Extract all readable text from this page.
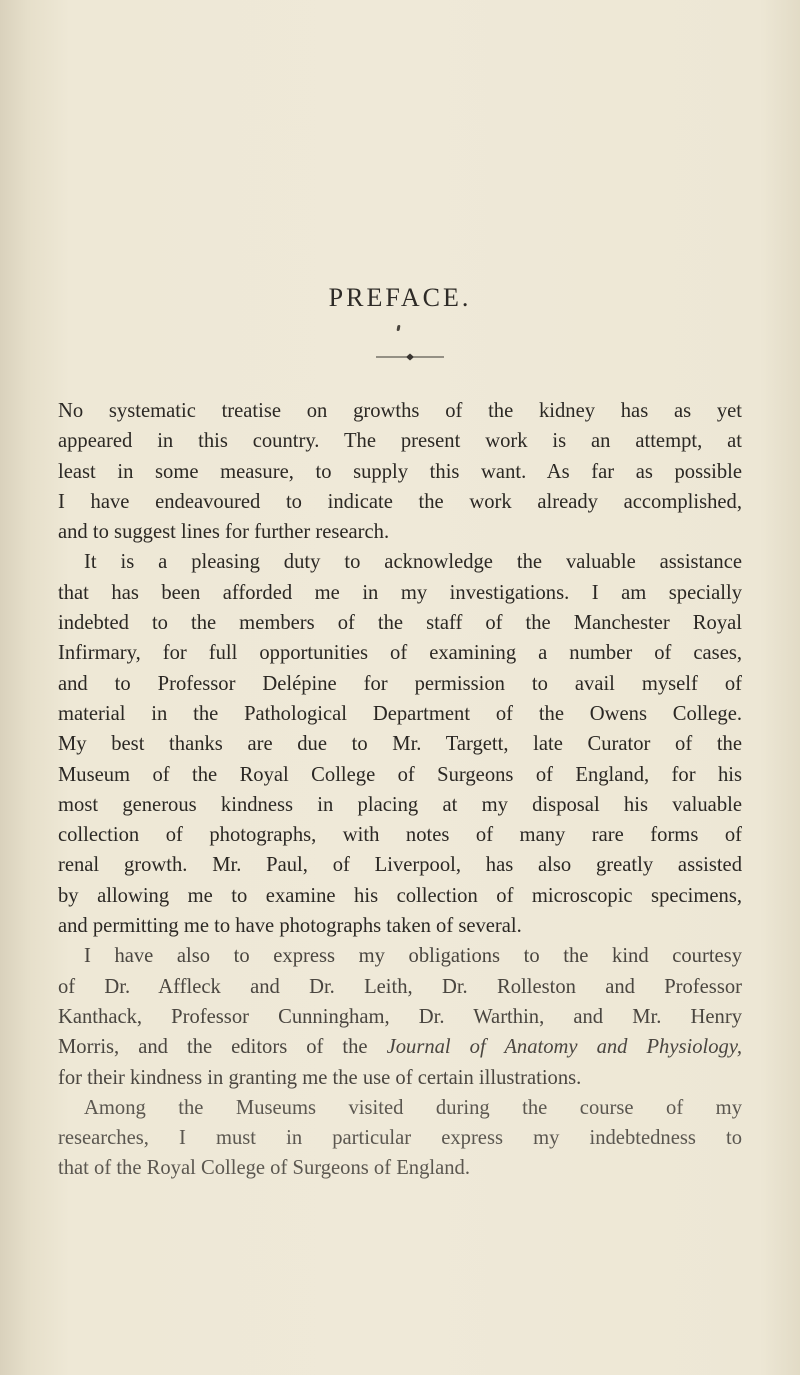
PREFACE.

No systematic treatise on growths of the kidney has as yet
appeared in this country. The present work is an attempt, at
least in some measure, to supply this want. As far as possible
I have endeavoured to indicate the work already accomplished,
and to suggest lines for further research.

It is a pleasing duty to acknowledge the valuable assistance
that has been afforded me in my investigations. I am specially
indebted to the members of the staff of the Manchester Royal
Infirmary, for full opportunities of examining a number of cases,
and to Professor Delépine for permission to avail myself of
material in the Pathological Department of the Owens College.
My best thanks are due to Mr. Targett, late Curator of the
Museum of the Royal College of Surgeons of England, for his
most generous kindness in placing at my disposal his valuable
collection of photographs, with notes of many rare forms of
renal growth. Mr. Paul, of Liverpool, has also greatly assisted
by allowing me to examine his collection of microscopic specimens,
and permitting me to have photographs taken of several.

I have also to express my obligations to the kind courtesy
of Dr. Affleck and Dr. Leith, Dr. Rolleston and Professor
Kanthack, Professor Cunningham, Dr. Warthin, and Mr. Henry
Morris, and the editors of the Journal of Anatomy and Physiology,
for their kindness in granting me the use of certain illustrations.

Among the Museums visited during the course of my
researches, I must in particular express my indebtedness to
that of the Royal College of Surgeons of England.
